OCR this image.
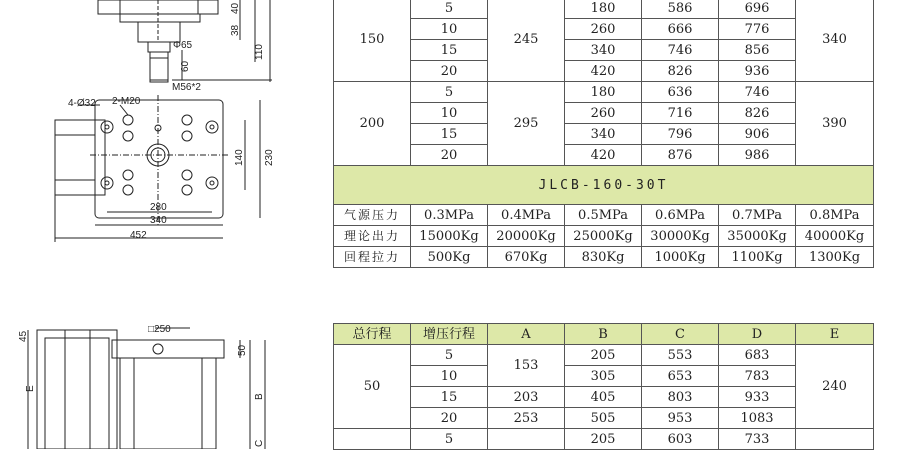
38
40
110
60
Φ65
M56*2
4-Ø32 2-M20
140 230
280
340
452
□250
45
50
E
B
C
150	5	245	180	586	696	340
	10		260	666	776	
	15		340	746	856	
	20		420	826	936	
200	5	295	180	636	746	390
	10		260	716	826	
	15		340	796	906	
	20		420	876	986	
JLCB-160-30T						
气源压力	0.3MPa	0.4MPa	0.5MPa	0.6MPa	0.7MPa	0.8MPa
理论出力	15000Kg	20000Kg	25000Kg	30000Kg	35000Kg	40000Kg
回程拉力	500Kg	670Kg	830Kg	1000Kg	1100Kg	1300Kg
总行程	增压行程	A	B	C	D	E
50	5	153	205	553	683	240
	10		305	653	783	
	15	203	405	803	933	
	20	253	505	953	1083	
	5		205	603	733	
